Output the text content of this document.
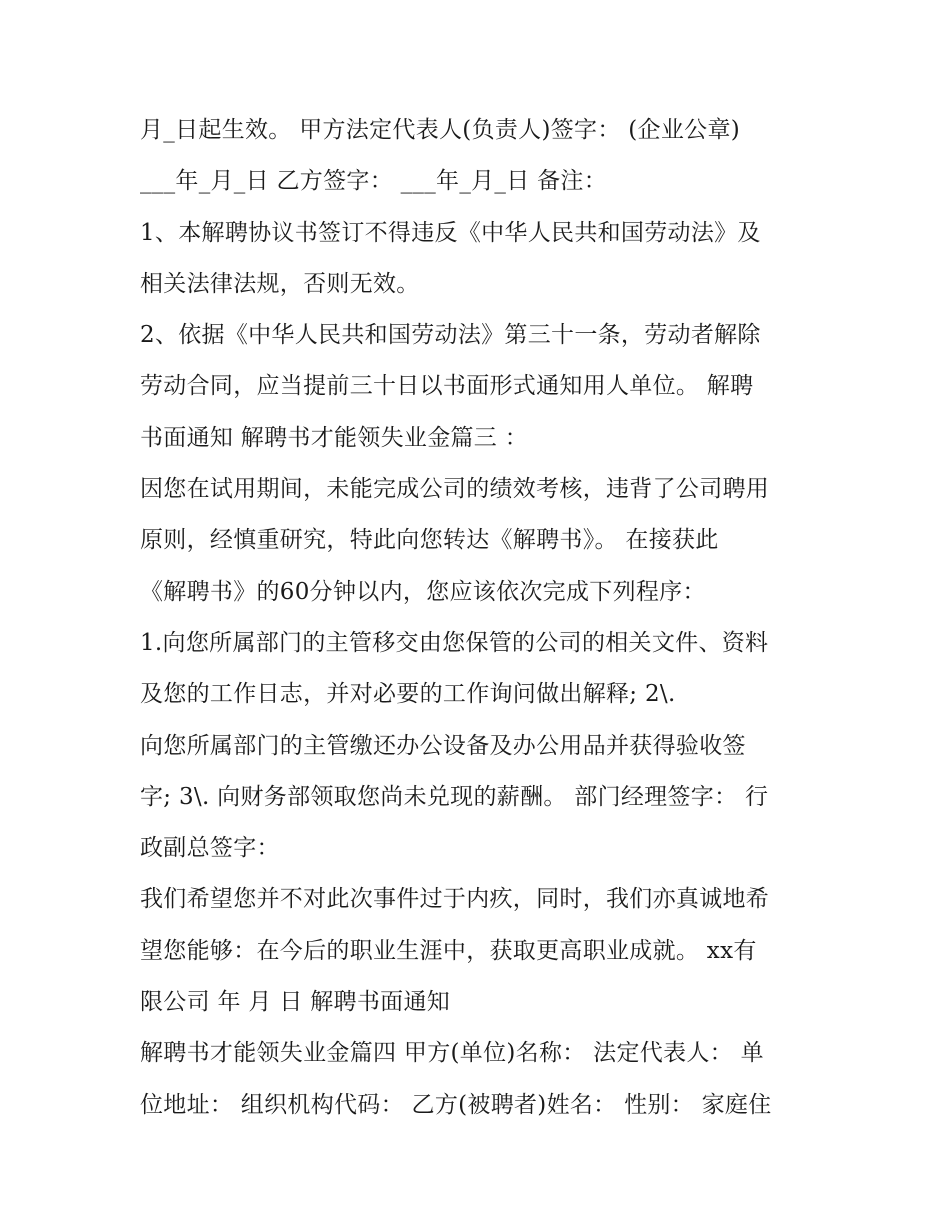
月_日起生效。 甲方法定代表人(负责人)签字： (企业公章)
___年_月_日 乙方签字： ___年_月_日 备注：
1、本解聘协议书签订不得违反《中华人民共和国劳动法》及
相关法律法规，否则无效。
2、依据《中华人民共和国劳动法》第三十一条，劳动者解除
劳动合同，应当提前三十日以书面形式通知用人单位。 解聘
书面通知 解聘书才能领失业金篇三 ：
因您在试用期间，未能完成公司的绩效考核，违背了公司聘用
原则，经慎重研究，特此向您转达《解聘书》。 在接获此
《解聘书》的60分钟以内，您应该依次完成下列程序：
1.向您所属部门的主管移交由您保管的公司的相关文件、资料
及您的工作日志，并对必要的工作询问做出解释; 2\.
向您所属部门的主管缴还办公设备及办公用品并获得验收签
字; 3\. 向财务部领取您尚未兑现的薪酬。 部门经理签字： 行
政副总签字：
我们希望您并不对此次事件过于内疚，同时，我们亦真诚地希
望您能够：在今后的职业生涯中，获取更高职业成就。 xx有
限公司 年 月 日 解聘书面通知
解聘书才能领失业金篇四 甲方(单位)名称： 法定代表人： 单
位地址： 组织机构代码： 乙方(被聘者)姓名： 性别： 家庭住
